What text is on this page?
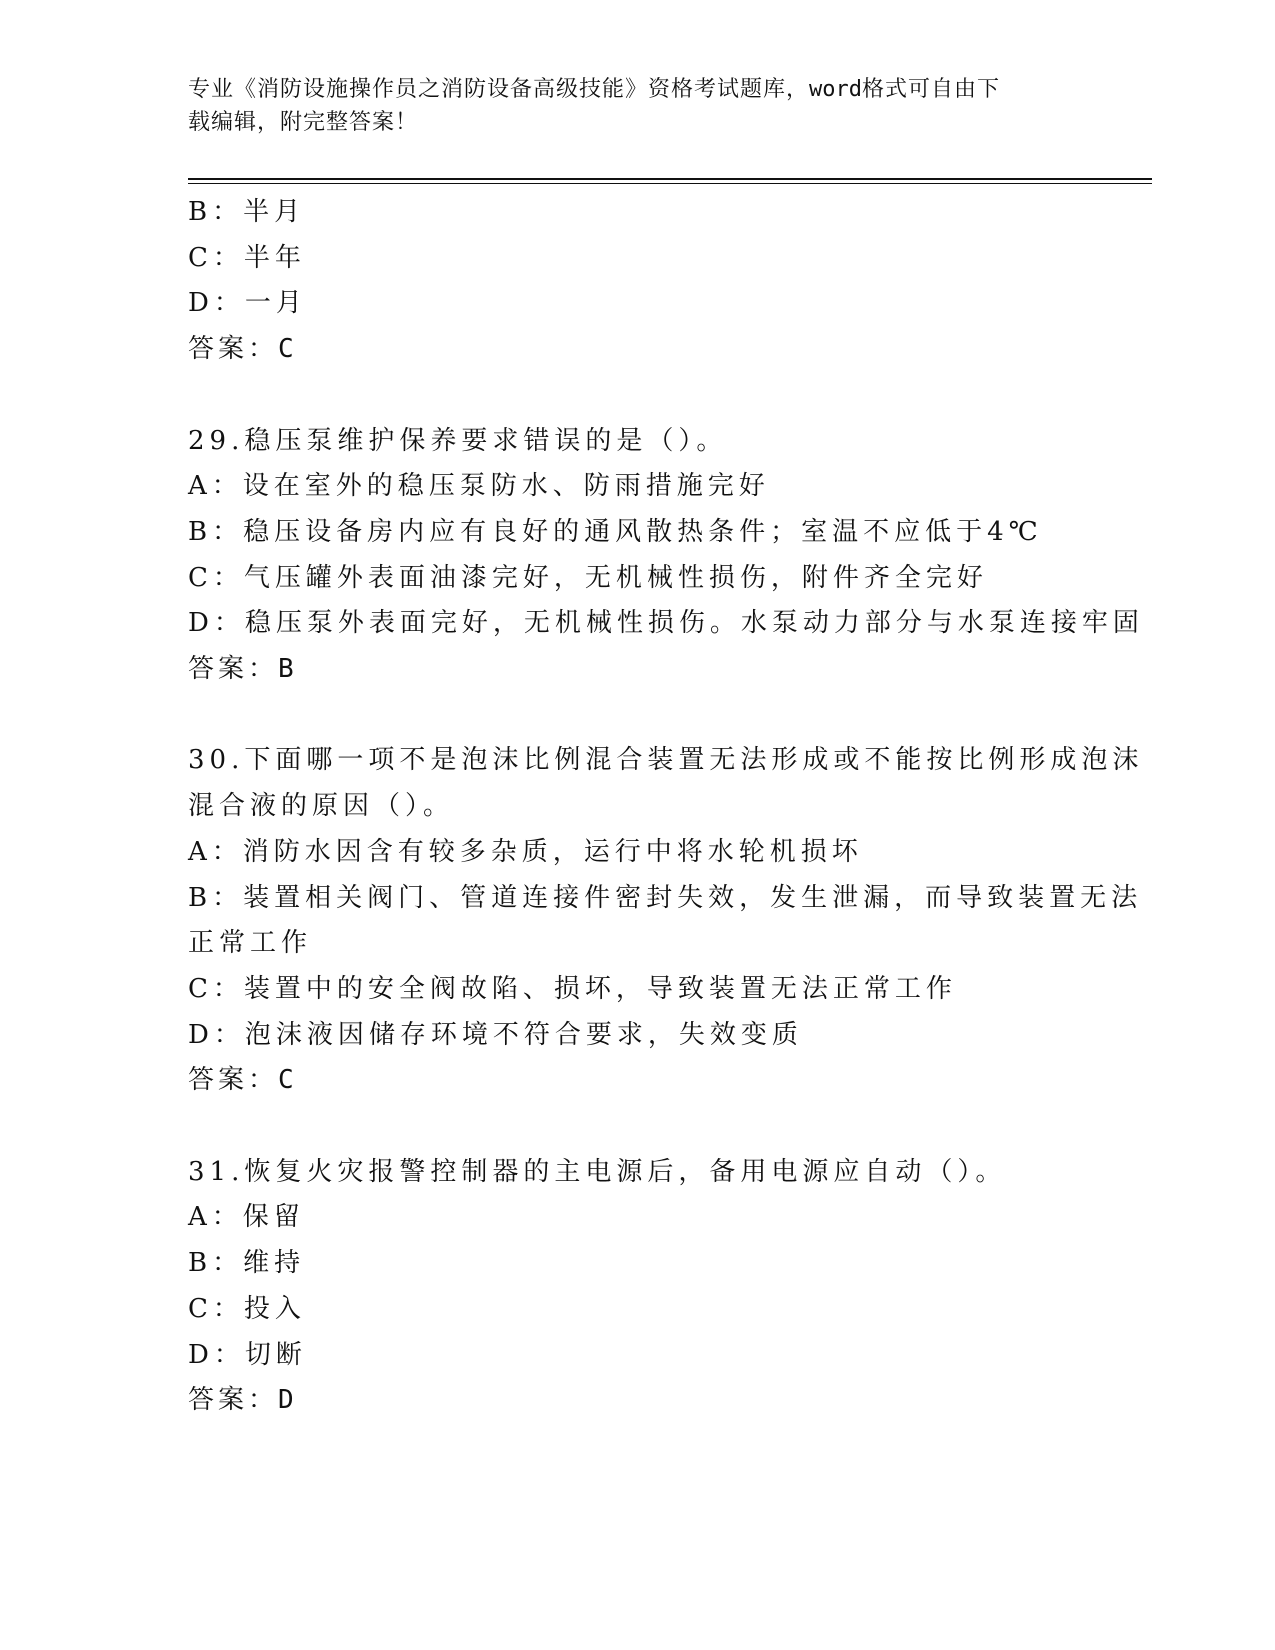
专业《消防设施操作员之消防设备高级技能》资格考试题库，word格式可自由下
载编辑，附完整答案！
B：半月
C：半年
D：一月
答案：C
29.稳压泵维护保养要求错误的是（）。
A：设在室外的稳压泵防水、防雨措施完好
B：稳压设备房内应有良好的通风散热条件；室温不应低于4℃
C：气压罐外表面油漆完好，无机械性损伤，附件齐全完好
D：稳压泵外表面完好，无机械性损伤。水泵动力部分与水泵连接牢固
答案：B
30.下面哪一项不是泡沫比例混合装置无法形成或不能按比例形成泡沫
混合液的原因（）。
A：消防水因含有较多杂质，运行中将水轮机损坏
B：装置相关阀门、管道连接件密封失效，发生泄漏，而导致装置无法
正常工作
C：装置中的安全阀故陷、损坏，导致装置无法正常工作
D：泡沫液因储存环境不符合要求，失效变质
答案：C
31.恢复火灾报警控制器的主电源后，备用电源应自动（）。
A：保留
B：维持
C：投入
D：切断
答案：D
